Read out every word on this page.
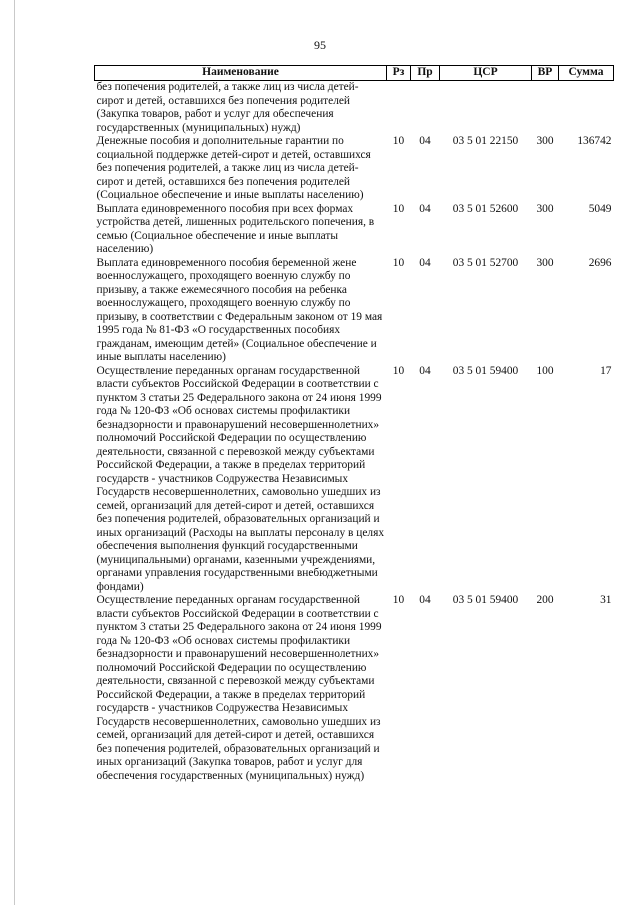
95
Наименование	Рз	Пр	ЦСР	ВР	Сумма
без попечения родителей, а также лиц из числа детей-сирот и детей, оставшихся без попечения родителей (Закупка товаров, работ и услуг для обеспечения государственных (муниципальных) нужд)					
Денежные пособия и дополнительные гарантии по социальной поддержке детей-сирот и детей, оставшихся без попечения родителей, а также лиц из числа детей-сирот и детей, оставшихся без попечения родителей (Социальное обеспечение и иные выплаты населению)	10	04	03 5 01 22150	300	136742
Выплата единовременного пособия при всех формах устройства детей, лишенных родительского попечения, в семью (Социальное обеспечение и иные выплаты населению)	10	04	03 5 01 52600	300	5049
Выплата единовременного пособия беременной жене военнослужащего, проходящего военную службу по призыву, а также ежемесячного пособия на ребенка военнослужащего, проходящего военную службу по призыву, в соответствии с Федеральным законом от 19 мая 1995 года № 81-ФЗ «О государственных пособиях гражданам, имеющим детей» (Социальное обеспечение и иные выплаты населению)	10	04	03 5 01 52700	300	2696
Осуществление переданных органам государственной власти субъектов Российской Федерации в соответствии с пунктом 3 статьи 25 Федерального закона от 24 июня 1999 года № 120-ФЗ «Об основах системы профилактики безнадзорности и правонарушений несовершеннолетних» полномочий Российской Федерации по осуществлению деятельности, связанной с перевозкой между субъектами Российской Федерации, а также в пределах территорий государств - участников Содружества Независимых Государств несовершеннолетних, самовольно ушедших из семей, организаций для детей-сирот и детей, оставшихся без попечения родителей, образовательных организаций и иных организаций (Расходы на выплаты персоналу в целях обеспечения выполнения функций государственными (муниципальными) органами, казенными учреждениями, органами управления государственными внебюджетными фондами)	10	04	03 5 01 59400	100	17
Осуществление переданных органам государственной власти субъектов Российской Федерации в соответствии с пунктом 3 статьи 25 Федерального закона от 24 июня 1999 года № 120-ФЗ «Об основах системы профилактики безнадзорности и правонарушений несовершеннолетних» полномочий Российской Федерации по осуществлению деятельности, связанной с перевозкой между субъектами Российской Федерации, а также в пределах территорий государств - участников Содружества Независимых Государств несовершеннолетних, самовольно ушедших из семей, организаций для детей-сирот и детей, оставшихся без попечения родителей, образовательных организаций и иных организаций (Закупка товаров, работ и услуг для обеспечения государственных (муниципальных) нужд)	10	04	03 5 01 59400	200	31
